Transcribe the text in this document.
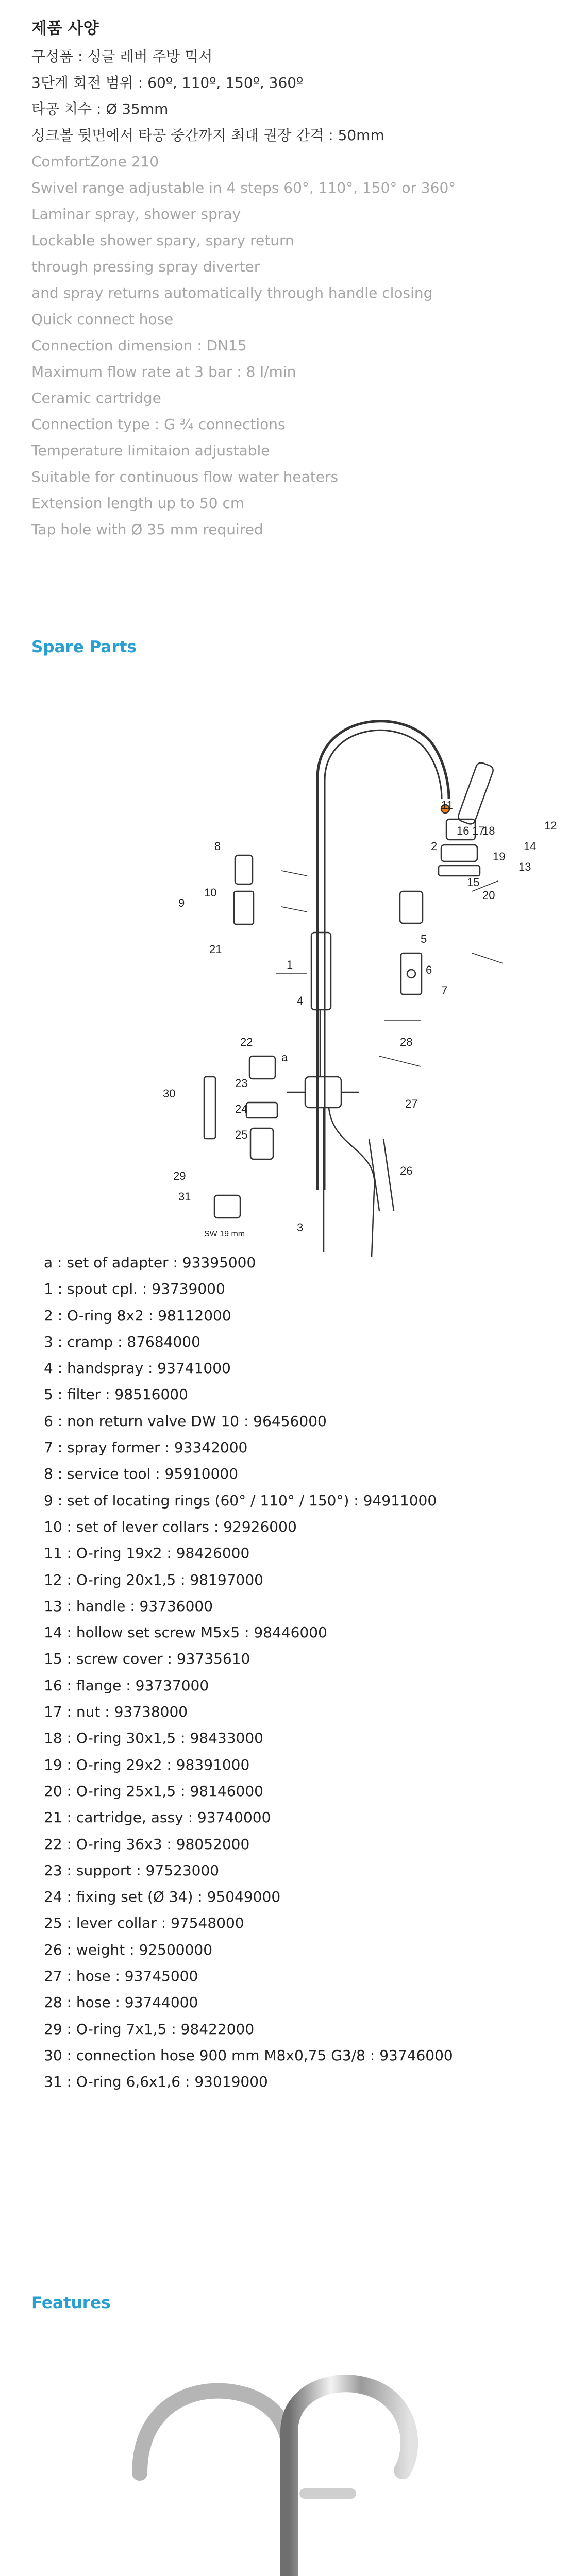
제품 사양

구성품 : 싱글 레버 주방 믹서

3단계 회전 범위 : 60º, 110º, 150º, 360º

타공 치수 : Ø 35mm

싱크볼 뒷면에서 타공 중간까지 최대 권장 간격 : 50mm

ComfortZone 210

Swivel range adjustable in 4 steps 60°, 110°, 150° or 360°

Laminar spray, shower spray

Lockable shower spary, spary return

through pressing spray diverter

and spray returns automatically through handle closing

Quick connect hose

Connection dimension : DN15

Maximum flow rate at 3 bar : 8 l/min

Ceramic cartridge

Connection type : G ¾ connections

Temperature limitaion adjustable

Suitable for continuous flow water heaters

Extension length up to 50 cm

Tap hole with Ø 35 mm required

Spare Parts
1
2
3
4
5
6
7
8
9
10
11
12
13
14
15
16 17
18
19
20
21
22
23
24
25
26
27
28
29
30
31
a
SW 19 mm
a : set of adapter : 93395000
1 : spout cpl. : 93739000
2 : O-ring 8x2 : 98112000
3 : cramp : 87684000
4 : handspray : 93741000
5 : filter : 98516000
6 : non return valve DW 10 : 96456000
7 : spray former : 93342000
8 : service tool : 95910000
9 : set of locating rings (60° / 110° / 150°) : 94911000
10 : set of lever collars : 92926000
11 : O-ring 19x2 : 98426000
12 : O-ring 20x1,5 : 98197000
13 : handle : 93736000
14 : hollow set screw M5x5 : 98446000
15 : screw cover : 93735610
16 : flange : 93737000
17 : nut : 93738000
18 : O-ring 30x1,5 : 98433000
19 : O-ring 29x2 : 98391000
20 : O-ring 25x1,5 : 98146000
21 : cartridge, assy : 93740000
22 : O-ring 36x3 : 98052000
23 : support : 97523000
24 : fixing set (Ø 34) : 95049000
25 : lever collar : 97548000
26 : weight : 92500000
27 : hose : 93745000
28 : hose : 93744000
29 : O-ring 7x1,5 : 98422000
30 : connection hose 900 mm M8x0,75 G3/8 : 93746000
31 : O-ring 6,6x1,6 : 93019000
Features
